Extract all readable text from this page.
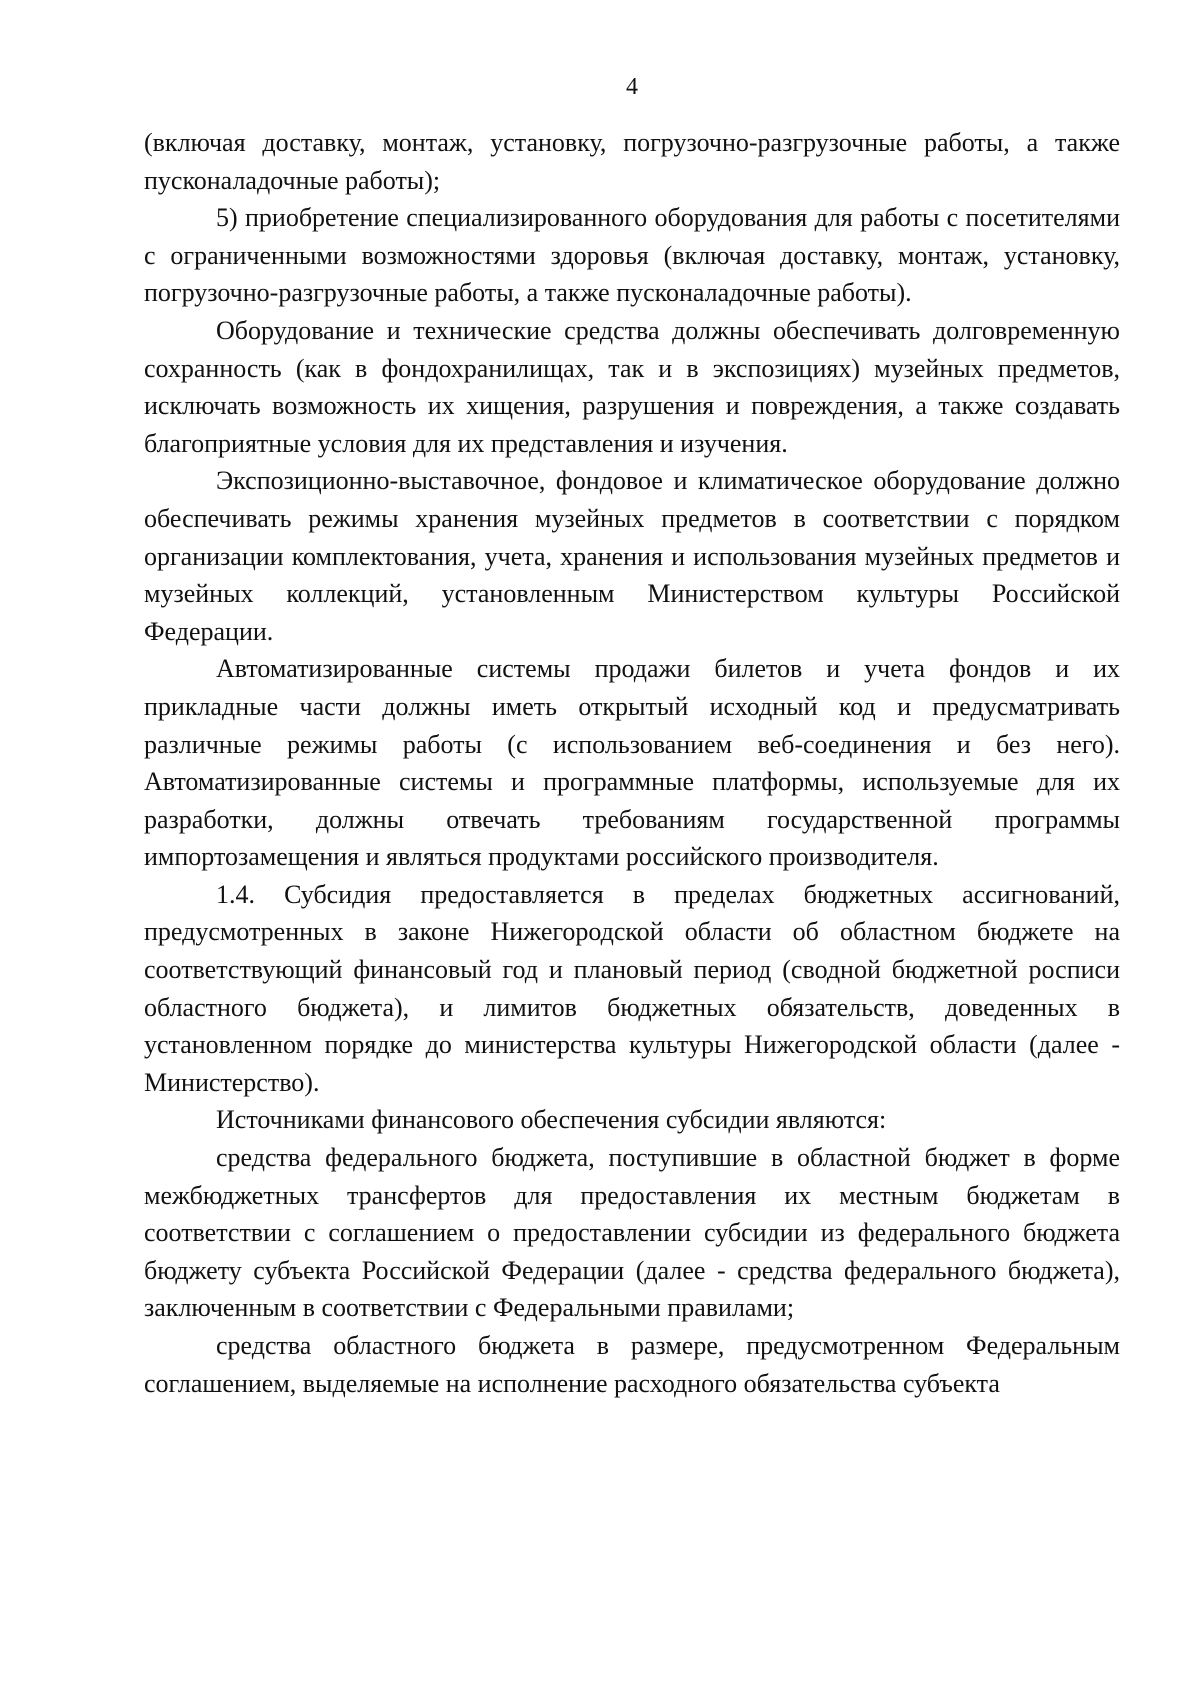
4

(включая доставку, монтаж, установку, погрузочно-разгрузочные работы, а также пусконаладочные работы);

5) приобретение специализированного оборудования для работы с посетителями с ограниченными возможностями здоровья (включая доставку, монтаж, установку, погрузочно-разгрузочные работы, а также пусконаладочные работы).

Оборудование и технические средства должны обеспечивать долговременную сохранность (как в фондохранилищах, так и в экспозициях) музейных предметов, исключать возможность их хищения, разрушения и повреждения, а также создавать благоприятные условия для их представления и изучения.

Экспозиционно-выставочное, фондовое и климатическое оборудование должно обеспечивать режимы хранения музейных предметов в соответствии с порядком организации комплектования, учета, хранения и использования музейных предметов и музейных коллекций, установленным Министерством культуры Российской Федерации.

Автоматизированные системы продажи билетов и учета фондов и их прикладные части должны иметь открытый исходный код и предусматривать различные режимы работы (с использованием веб-соединения и без него). Автоматизированные системы и программные платформы, используемые для их разработки, должны отвечать требованиям государственной программы импортозамещения и являться продуктами российского производителя.

1.4. Субсидия предоставляется в пределах бюджетных ассигнований, предусмотренных в законе Нижегородской области об областном бюджете на соответствующий финансовый год и плановый период (сводной бюджетной росписи областного бюджета), и лимитов бюджетных обязательств, доведенных в установленном порядке до министерства культуры Нижегородской области (далее - Министерство).

Источниками финансового обеспечения субсидии являются:

средства федерального бюджета, поступившие в областной бюджет в форме межбюджетных трансфертов для предоставления их местным бюджетам в соответствии с соглашением о предоставлении субсидии из федерального бюджета бюджету субъекта Российской Федерации (далее - средства федерального бюджета), заключенным в соответствии с Федеральными правилами;

средства областного бюджета в размере, предусмотренном Федеральным соглашением, выделяемые на исполнение расходного обязательства субъекта
